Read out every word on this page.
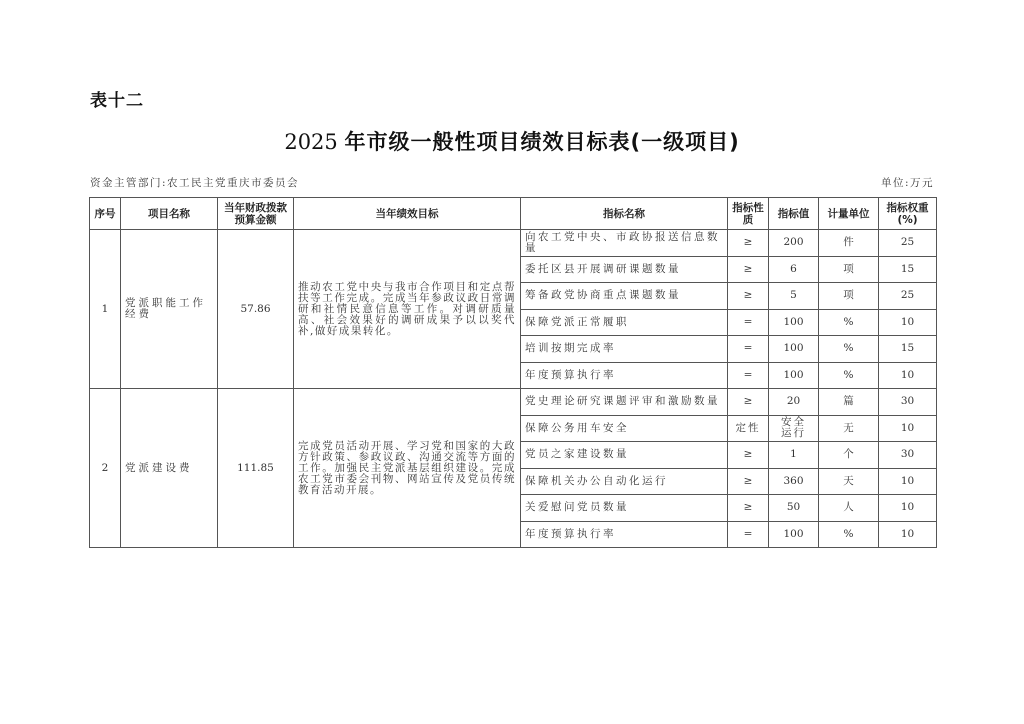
表十二
2025 年市级一般性项目绩效目标表(一级项目)
资金主管部门:农工民主党重庆市委员会	单位:万元
序号	项目名称	当年财政拨款预算金额	当年绩效目标	指标名称	指标性质	指标值	计量单位	指标权重(%)
1	党派职能工作经费	57.86	推动农工党中央与我市合作项目和定点帮扶等工作完成。完成当年参政议政日常调研和社情民意信息等工作。对调研质量高、社会效果好的调研成果予以以奖代补,做好成果转化。	向农工党中央、市政协报送信息数量	≥	200	件	25
				委托区县开展调研课题数量	≥	6	项	15
				筹备政党协商重点课题数量	≥	5	项	25
				保障党派正常履职	=	100	%	10
				培训按期完成率	=	100	%	15
				年度预算执行率	=	100	%	10
2	党派建设费	111.85	完成党员活动开展、学习党和国家的大政方针政策、参政议政、沟通交流等方面的工作。加强民主党派基层组织建设。完成农工党市委会刊物、网站宣传及党员传统教育活动开展。	党史理论研究课题评审和激励数量	≥	20	篇	30
				保障公务用车安全	定性	安全运行	无	10
				党员之家建设数量	≥	1	个	30
				保障机关办公自动化运行	≥	360	天	10
				关爱慰问党员数量	≥	50	人	10
				年度预算执行率	=	100	%	10
